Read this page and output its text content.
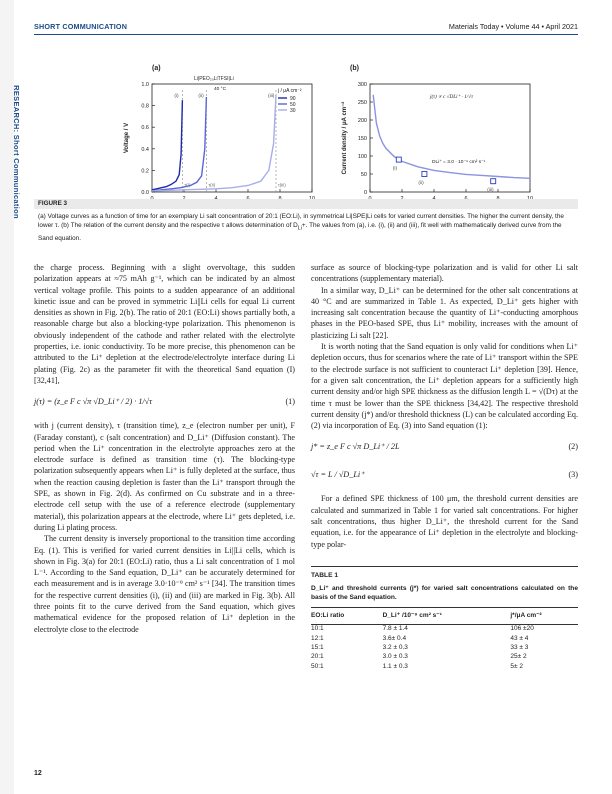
RESEARCH: Short Communication
SHORT COMMUNICATION	Materials Today • Volume 44 • April 2021
(a)
0.0
0.2
0.4
0.6
0.8
1.0
Voltage / V
τ(i)
(i)
τ(ii)
(ii)
τ(iii)
(iii)
Li|PEO₂₀LiTFSI|Li
40 °C	j / μA cm⁻²
90
50
30
(b)
0
50
100
150
200
250
300
Current density / μA cm⁻²	(i)
(ii)
(iii)
j(τ) ∝ c √DLi⁺ · 1/√τ
DLi⁺ = 3.0 · 10⁻⁹ cm² s⁻¹
FIGURE 3
(a) Voltage curves as a function of time for an exemplary Li salt concentration of 20:1 (EO:Li), in symmetrical Li|SPE|Li cells for varied current densities. The higher the current density, the lower τ. (b) The relation of the current density and the respective τ allows determination of $D_{Li}+$. The values from (a), i.e. (i), (ii) and (iii), fit well with mathematically derived curve from the Sand equation.

the charge process. Beginning with a slight overvoltage, this sudden polarization appears at ≈75 mAh g⁻¹, which can be indicated by an almost vertical voltage profile. This points to a sudden appearance of an additional kinetic issue and can be proved in symmetric Li||Li cells for equal Li current densities as shown in Fig. 2(b). The ratio of 20:1 (EO:Li) shows partially both, a reasonable charge but also a blocking-type polarization. This phenomenon is obviously independent of the cathode and rather related with the electrolyte properties, i.e. ionic conductivity. To be more precise, this phenomenon can be attributed to the Li⁺ depletion at the electrode/electrolyte interface during Li plating (Fig. 2c) as the parameter fit with the theoretical Sand equation (I) [32,41],

j(τ) = (z_e F c √π √D_Li⁺ / 2) · 1/√τ	(1)

with j (current density), τ (transition time), z_e (electron number per unit), F (Faraday constant), c (salt concentration) and D_Li⁺ (Diffusion constant). The period when the Li⁺ concentration in the electrolyte approaches zero at the electrode surface is defined as transition time (τ). The blocking-type polarization subsequently appears when Li⁺ is fully depleted at the surface, thus when the reaction causing depletion is faster than the Li⁺ transport through the SPE, as shown in Fig. 2(d). As confirmed on Cu substrate and in a three-electrode cell setup with the use of a reference electrode (supplementary material), this polarization appears at the electrode, where Li⁺ gets depleted, i.e. during Li plating process.

The current density is inversely proportional to the transition time according Eq. (1). This is verified for varied current densities in Li||Li cells, which is shown in Fig. 3(a) for 20:1 (EO:Li) ratio, thus a Li salt concentration of 1 mol L⁻¹. According to the Sand equation, D_Li⁺ can be accurately determined for each measurement and is in average 3.0·10⁻⁹ cm² s⁻¹ [34]. The transition times for the respective current densities (i), (ii) and (iii) are marked in Fig. 3(b). All three points fit to the curve derived from the Sand equation, which gives mathematical evidence for the proposed relation of Li⁺ depletion in the electrolyte close to the electrode

surface as source of blocking-type polarization and is valid for other Li salt concentrations (supplementary material).

In a similar way, D_Li⁺ can be determined for the other salt concentrations at 40 °C and are summarized in Table 1. As expected, D_Li⁺ gets higher with increasing salt concentration because the quantity of Li⁺-conducting amorphous phases in the PEO-based SPE, thus Li⁺ mobility, increases with the amount of plasticizing Li salt [22].

It is worth noting that the Sand equation is only valid for conditions when Li⁺ depletion occurs, thus for scenarios where the rate of Li⁺ transport within the SPE to the electrode surface is not sufficient to counteract Li⁺ depletion [39]. Hence, for a given salt concentration, the Li⁺ depletion appears for a sufficiently high current density and/or high SPE thickness as the diffusion length L = √(Dτ) at the time τ must be lower than the SPE thickness [34,42]. The respective threshold current density (j*) and/or threshold thickness (L) can be calculated according Eq. (2) via incorporation of Eq. (3) into Sand equation (1):

j* = z_e F c √π D_Li⁺ / 2L	(2)
√τ = L / √D_Li⁺	(3)

For a defined SPE thickness of 100 μm, the threshold current densities are calculated and summarized in Table 1 for varied salt concentrations. For higher salt concentrations, thus higher D_Li⁺, the threshold current for the Sand equation, i.e. for the appearance of Li⁺ depletion in the electrolyte and blocking-type polar-

TABLE 1
D_Li⁺ and threshold currents (j*) for varied salt concentrations calculated on the basis of the Sand equation.
EO:Li ratio	D_Li⁺ /10⁻⁹ cm² s⁻¹	j*/μA cm⁻²
10:1	7.8 ± 1.4	106 ±20
12:1	3.6± 0.4	43 ± 4
15:1	3.2 ± 0.3	33 ± 3
20:1	3.0 ± 0.3	25± 2
50:1	1.1 ± 0.3	5± 2
12
